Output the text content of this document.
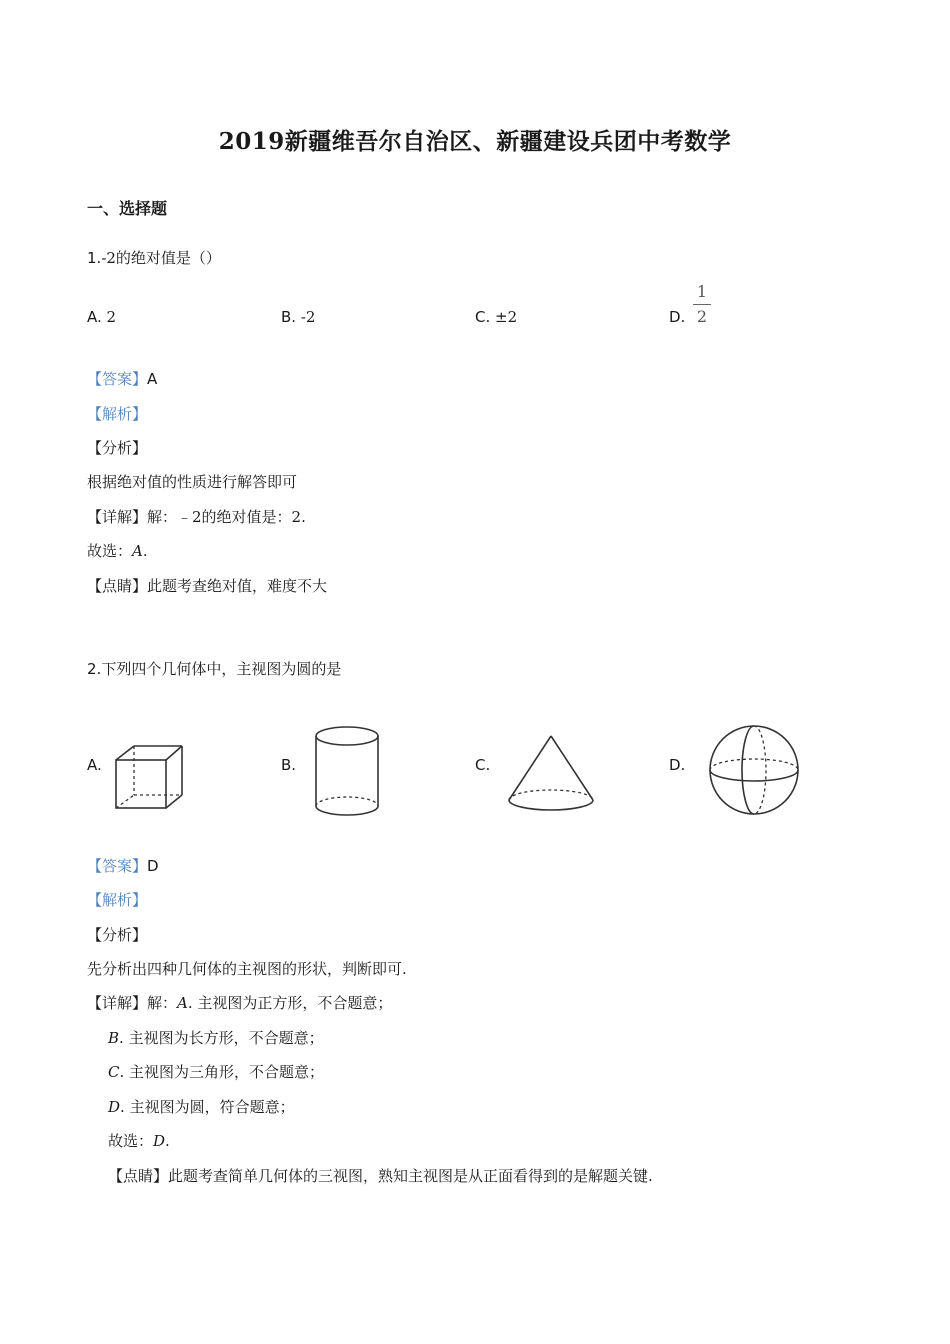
2019新疆维吾尔自治区、新疆建设兵团中考数学
一、选择题
1.-2的绝对值是（）
A. 2	B. -2	C. ±2	D.
1
2
【答案】A
【解析】
【分析】
根据绝对值的性质进行解答即可
【详解】解：﹣2的绝对值是：2.
故选：A.
【点睛】此题考查绝对值，难度不大
2.下列四个几何体中，主视图为圆的是
A.	B.	C.	D.
【答案】D
【解析】
【分析】
先分析出四种几何体的主视图的形状，判断即可.
【详解】解：A. 主视图为正方形，不合题意；
B. 主视图为长方形，不合题意；
C. 主视图为三角形，不合题意；
D. 主视图为圆，符合题意；
故选：D.
【点睛】此题考查简单几何体的三视图，熟知主视图是从正面看得到的是解题关键.
